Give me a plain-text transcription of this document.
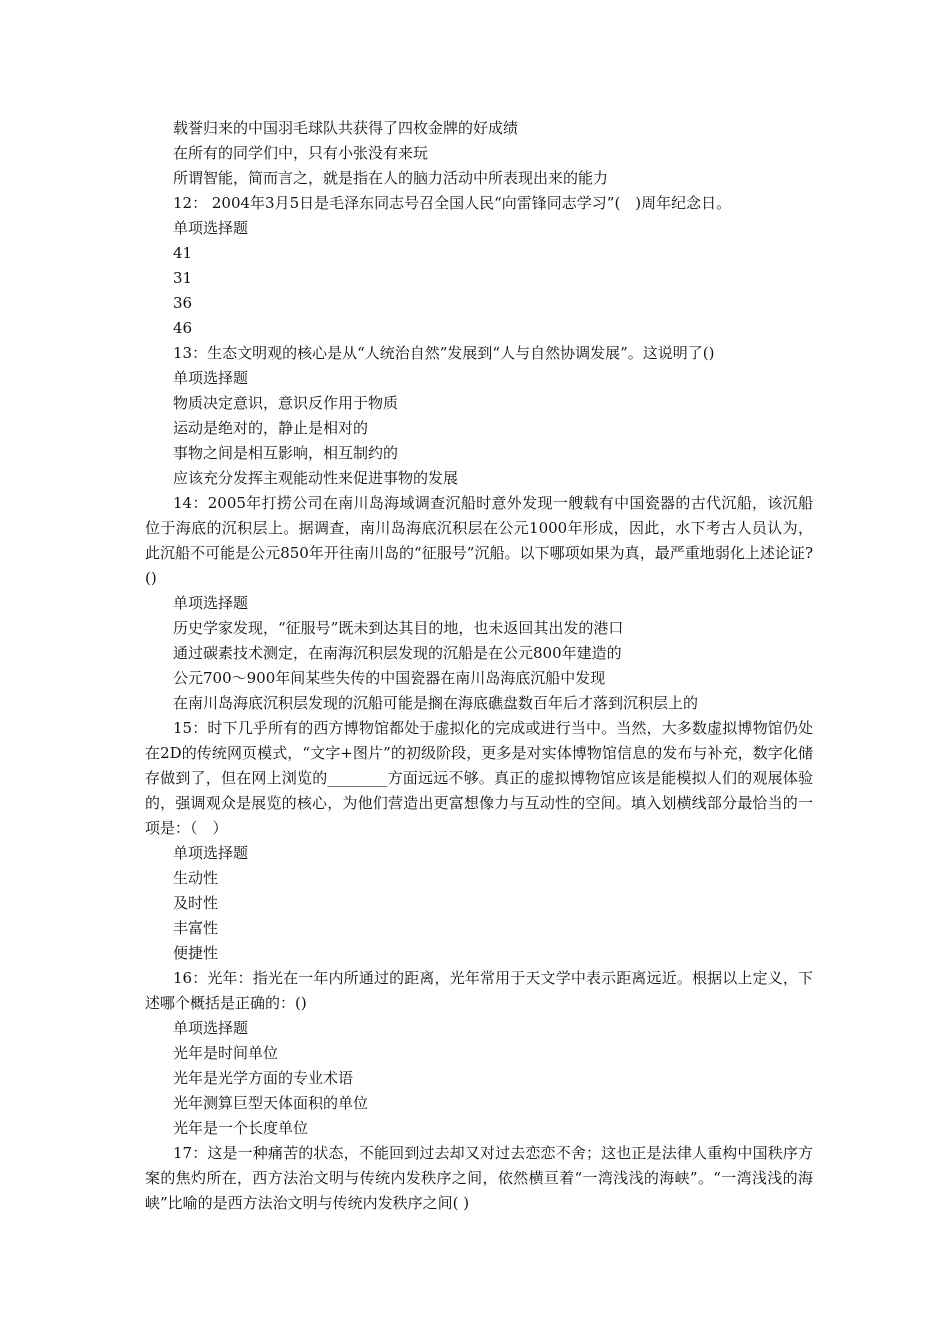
载誉归来的中国羽毛球队共获得了四枚金牌的好成绩
在所有的同学们中，只有小张没有来玩
所谓智能，简而言之，就是指在人的脑力活动中所表现出来的能力
12： 2004年3月5日是毛泽东同志号召全国人民“向雷锋同志学习”(　)周年纪念日。
单项选择题
41
31
36
46
13：生态文明观的核心是从“人统治自然”发展到“人与自然协调发展”。这说明了()
单项选择题
物质决定意识，意识反作用于物质
运动是绝对的，静止是相对的
事物之间是相互影响，相互制约的
应该充分发挥主观能动性来促进事物的发展
14：2005年打捞公司在南川岛海域调查沉船时意外发现一艘载有中国瓷器的古代沉船，该沉船位于海底的沉积层上。据调查，南川岛海底沉积层在公元1000年形成，因此，水下考古人员认为，此沉船不可能是公元850年开往南川岛的“征服号”沉船。以下哪项如果为真，最严重地弱化上述论证?()
单项选择题
历史学家发现，“征服号”既未到达其目的地，也未返回其出发的港口
通过碳素技术测定，在南海沉积层发现的沉船是在公元800年建造的
公元700～900年间某些失传的中国瓷器在南川岛海底沉船中发现
在南川岛海底沉积层发现的沉船可能是搁在海底礁盘数百年后才落到沉积层上的
15：时下几乎所有的西方博物馆都处于虚拟化的完成或进行当中。当然，大多数虚拟博物馆仍处在2D的传统网页模式，“文字+图片”的初级阶段，更多是对实体博物馆信息的发布与补充，数字化储存做到了，但在网上浏览的________方面远远不够。真正的虚拟博物馆应该是能模拟人们的观展体验的，强调观众是展览的核心，为他们营造出更富想像力与互动性的空间。填入划横线部分最恰当的一项是：（　）
单项选择题
生动性
及时性
丰富性
便捷性
16：光年：指光在一年内所通过的距离，光年常用于天文学中表示距离远近。根据以上定义，下述哪个概括是正确的：()
单项选择题
光年是时间单位
光年是光学方面的专业术语
光年测算巨型天体面积的单位
光年是一个长度单位
17：这是一种痛苦的状态，不能回到过去却又对过去恋恋不舍；这也正是法律人重构中国秩序方案的焦灼所在，西方法治文明与传统内发秩序之间，依然横亘着“一湾浅浅的海峡”。“一湾浅浅的海峡”比喻的是西方法治文明与传统内发秩序之间( )
